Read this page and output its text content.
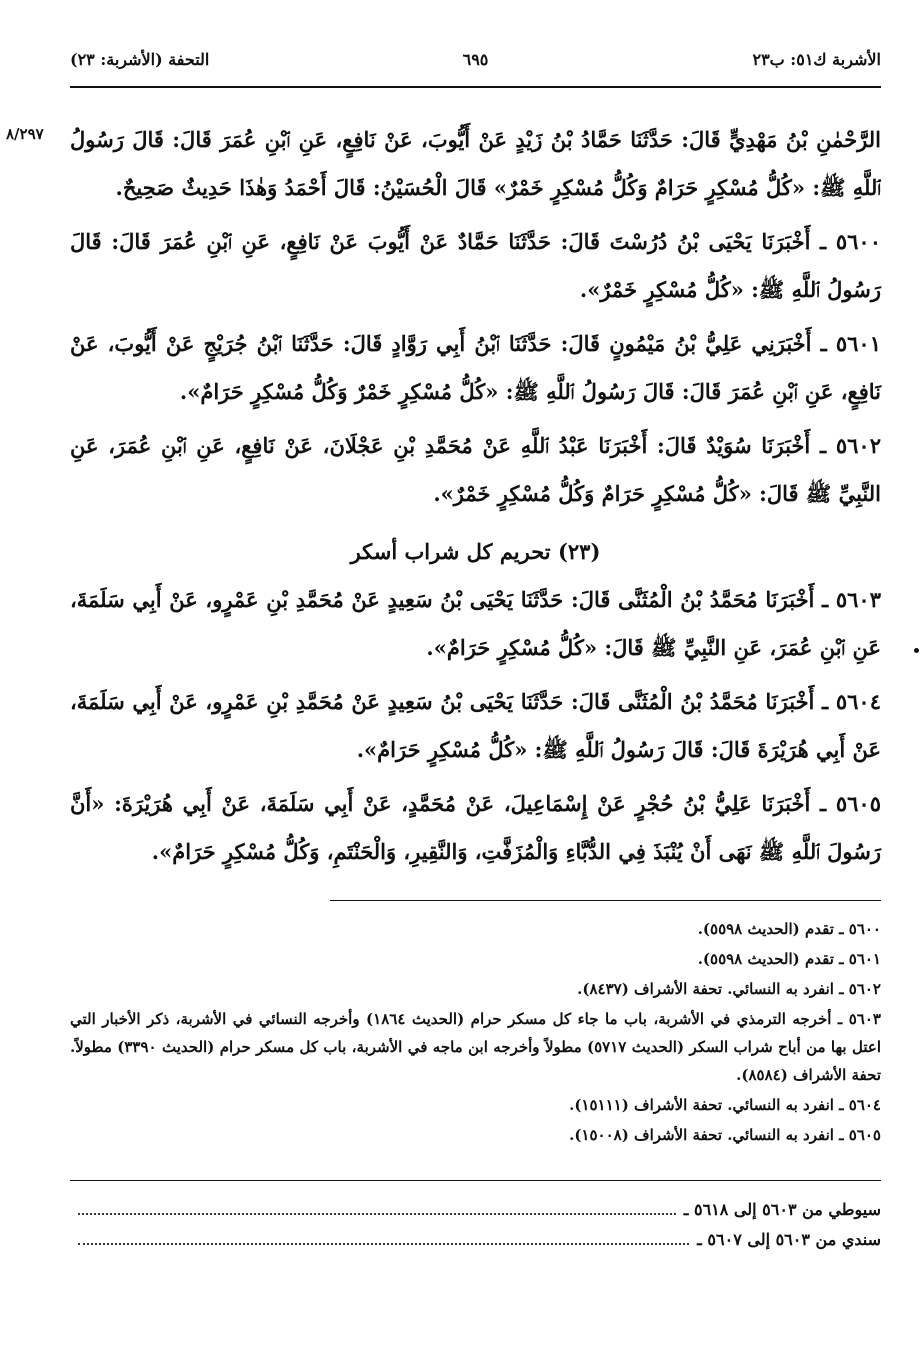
الأشربة ك٥١: ب٢٣
٦٩٥
التحفة (الأشربة: ٢٣)
٨/٢٩٧	الرَّحْمٰنِ بْنُ مَهْدِيٍّ قَالَ: حَدَّثَنَا حَمَّادُ بْنُ زَيْدٍ عَنْ أَيُّوبَ، عَنْ نَافِعٍ، عَنِ ٱبْنِ عُمَرَ قَالَ: قَالَ رَسُولُ ٱللَّهِ ﷺ: «كُلُّ مُسْكِرٍ حَرَامٌ وَكُلُّ مُسْكِرٍ خَمْرٌ» قَالَ الْحُسَيْنُ: قَالَ أَحْمَدُ وَهٰذَا حَدِيثٌ صَحِيحٌ.

٥٦٠٠ ـ أَخْبَرَنَا يَحْيَى بْنُ دُرُسْتَ قَالَ: حَدَّثَنَا حَمَّادٌ عَنْ أَيُّوبَ عَنْ نَافِعٍ، عَنِ ٱبْنِ عُمَرَ قَالَ: قَالَ رَسُولُ ٱللَّهِ ﷺ: «كُلُّ مُسْكِرٍ خَمْرٌ».

٥٦٠١ ـ أَخْبَرَنِي عَلِيُّ بْنُ مَيْمُونٍ قَالَ: حَدَّثَنَا ٱبْنُ أَبِي رَوَّادٍ قَالَ: حَدَّثَنَا ٱبْنُ جُرَيْجٍ عَنْ أَيُّوبَ، عَنْ نَافِعٍ، عَنِ ٱبْنِ عُمَرَ قَالَ: قَالَ رَسُولُ ٱللَّهِ ﷺ: «كُلُّ مُسْكِرٍ خَمْرٌ وَكُلُّ مُسْكِرٍ حَرَامٌ».

٥٦٠٢ ـ أَخْبَرَنَا سُوَيْدٌ قَالَ: أَخْبَرَنَا عَبْدُ ٱللَّهِ عَنْ مُحَمَّدِ بْنِ عَجْلَانَ، عَنْ نَافِعٍ، عَنِ ٱبْنِ عُمَرَ، عَنِ النَّبِيِّ ﷺ قَالَ: «كُلُّ مُسْكِرٍ حَرَامٌ وَكُلُّ مُسْكِرٍ خَمْرٌ».

(٢٣) تحريم كل شراب أسكر

٥٦٠٣ ـ أَخْبَرَنَا مُحَمَّدُ بْنُ الْمُثَنَّى قَالَ: حَدَّثَنَا يَحْيَى بْنُ سَعِيدٍ عَنْ مُحَمَّدِ بْنِ عَمْرٍو، عَنْ أَبِي سَلَمَةَ، عَنِ ٱبْنِ عُمَرَ، عَنِ النَّبِيِّ ﷺ قَالَ: «كُلُّ مُسْكِرٍ حَرَامٌ».

٥٦٠٤ ـ أَخْبَرَنَا مُحَمَّدُ بْنُ الْمُثَنَّى قَالَ: حَدَّثَنَا يَحْيَى بْنُ سَعِيدٍ عَنْ مُحَمَّدِ بْنِ عَمْرٍو، عَنْ أَبِي سَلَمَةَ، عَنْ أَبِي هُرَيْرَةَ قَالَ: قَالَ رَسُولُ ٱللَّهِ ﷺ: «كُلُّ مُسْكِرٍ حَرَامٌ».

٥٦٠٥ ـ أَخْبَرَنَا عَلِيُّ بْنُ حُجْرٍ عَنْ إِسْمَاعِيلَ، عَنْ مُحَمَّدٍ، عَنْ أَبِي سَلَمَةَ، عَنْ أَبِي هُرَيْرَةَ: «أَنَّ رَسُولَ ٱللَّهِ ﷺ نَهَى أَنْ يُنْبَذَ فِي الدُّبَّاءِ وَالْمُزَفَّتِ، وَالنَّقِيرِ، وَالْحَنْتَمِ، وَكُلُّ مُسْكِرٍ حَرَامٌ».

٥٦٠٠ ـ تقدم (الحديث ٥٥٩٨).

٥٦٠١ ـ تقدم (الحديث ٥٥٩٨).

٥٦٠٢ ـ انفرد به النسائي. تحفة الأشراف (٨٤٣٧).

٥٦٠٣ ـ أخرجه الترمذي في الأشربة، باب ما جاء كل مسكر حرام (الحديث ١٨٦٤) وأخرجه النسائي في الأشربة، ذكر الأخبار التي اعتل بها من أباح شراب السكر (الحديث ٥٧١٧) مطولاً وأخرجه ابن ماجه في الأشربة، باب كل مسكر حرام (الحديث ٣٣٩٠) مطولاً. تحفة الأشراف (٨٥٨٤).

٥٦٠٤ ـ انفرد به النسائي. تحفة الأشراف (١٥١١١).

٥٦٠٥ ـ انفرد به النسائي. تحفة الأشراف (١٥٠٠٨).

سيوطي من ٥٦٠٣ إلى ٥٦١٨ ـ
سندي من ٥٦٠٣ إلى ٥٦٠٧ ـ
